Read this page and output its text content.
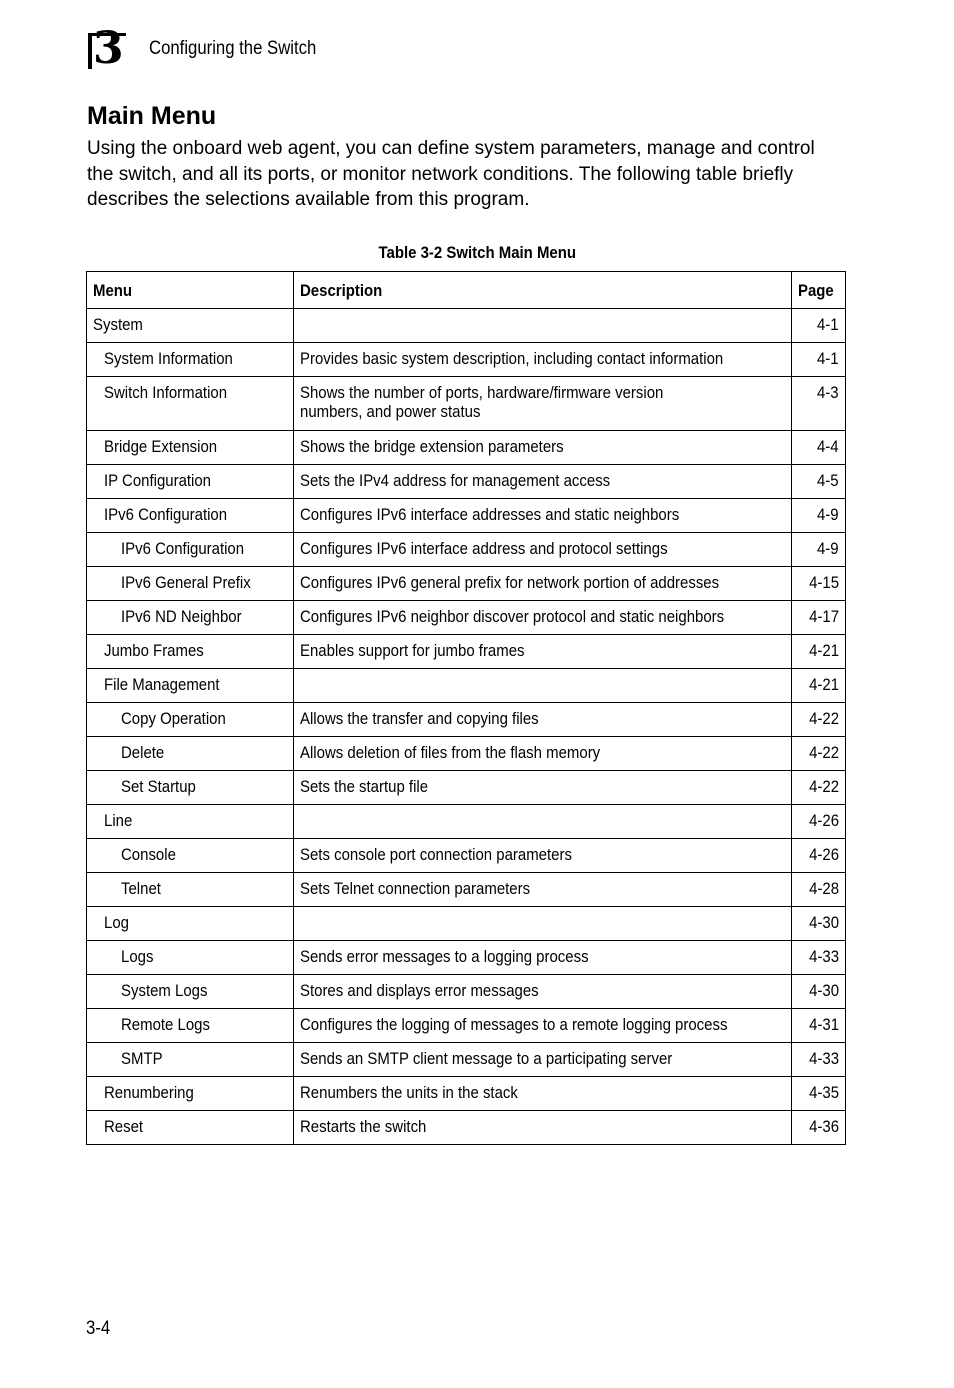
3 Configuring the Switch
Main Menu
Using the onboard web agent, you can define system parameters, manage and control the switch, and all its ports, or monitor network conditions. The following table briefly describes the selections available from this program.
Table 3-2 Switch Main Menu
Menu	Description	Page
System		4-1
System Information	Provides basic system description, including contact information	4-1
Switch Information	Shows the number of ports, hardware/firmware version
numbers, and power status	4-3
Bridge Extension	Shows the bridge extension parameters	4-4
IP Configuration	Sets the IPv4 address for management access	4-5
IPv6 Configuration	Configures IPv6 interface addresses and static neighbors	4-9
IPv6 Configuration	Configures IPv6 interface address and protocol settings	4-9
IPv6 General Prefix	Configures IPv6 general prefix for network portion of addresses	4-15
IPv6 ND Neighbor	Configures IPv6 neighbor discover protocol and static neighbors	4-17
Jumbo Frames	Enables support for jumbo frames	4-21
File Management		4-21
Copy Operation	Allows the transfer and copying files	4-22
Delete	Allows deletion of files from the flash memory	4-22
Set Startup	Sets the startup file	4-22
Line		4-26
Console	Sets console port connection parameters	4-26
Telnet	Sets Telnet connection parameters	4-28
Log		4-30
Logs	Sends error messages to a logging process	4-33
System Logs	Stores and displays error messages	4-30
Remote Logs	Configures the logging of messages to a remote logging process	4-31
SMTP	Sends an SMTP client message to a participating server	4-33
Renumbering	Renumbers the units in the stack	4-35
Reset	Restarts the switch	4-36
3-4
